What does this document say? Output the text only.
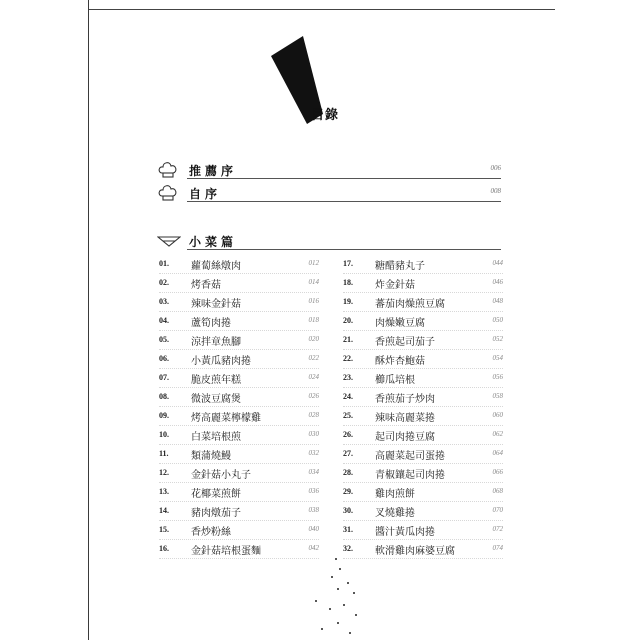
Contents	目錄
推薦序	006
自序	008
小菜篇
01. 蘿蔔絲燉肉	012
02. 烤香菇	014
03. 辣味金針菇	016
04. 蘆筍肉捲	018
05. 涼拌章魚腳	020
06. 小黃瓜豬肉捲	022
07. 脆皮煎年糕	024
08. 微波豆腐煲	026
09. 烤高麗菜檸檬雞	028
10. 白菜培根煎	030
11. 類蒲燒鰻	032
12. 金針菇小丸子	034
13. 花椰菜煎餅	036
14. 豬肉燉茄子	038
15. 香炒粉絲	040
16. 金針菇培根蛋麵	042
17. 糖醋豬丸子	044
18. 炸金針菇	046
19. 蕃茄肉燥煎豆腐	048
20. 肉燥嫩豆腐	050
21. 香煎起司茄子	052
22. 酥炸杏鮑菇	054
23. 櫛瓜培根	056
24. 香煎茄子炒肉	058
25. 辣味高麗菜捲	060
26. 起司肉捲豆腐	062
27. 高麗菜起司蛋捲	064
28. 青椒鑲起司肉捲	066
29. 雞肉煎餅	068
30. 叉燒雞捲	070
31. 醬汁黃瓜肉捲	072
32. 軟滑雞肉麻婆豆腐	074
